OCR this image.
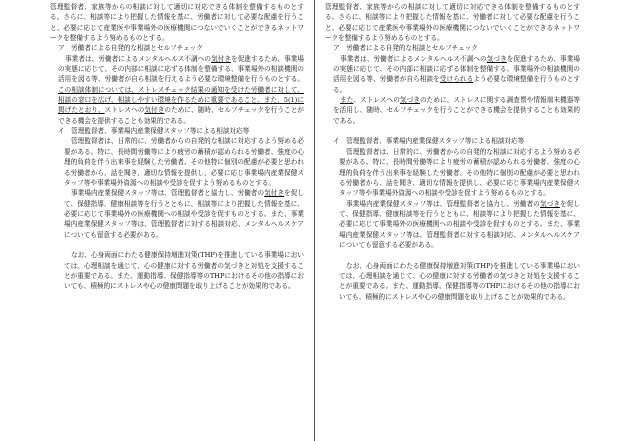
管理監督者、家族等からの相談に対して適切に対応できる体制を整備するものとする。さらに、相談等により把握した情報を基に、労働者に対して必要な配慮を行うこと、必要に応じて産業医や事業場外の医療機関につないでいくことができるネットワークを整備するよう努めるものとする。

ア　労働者による自発的な相談とセルフチェック

事業者は、労働者によるメンタルヘルス不調への気付きを促進するため、事業場の実態に応じて、その内部に相談に応ずる体制を整備する、事業場外の相談機関の活用を図る等、労働者が自ら相談を行えるよう必要な環境整備を行うものとする。この相談体制については、ストレスチェック結果の通知を受けた労働者に対して、相談の窓口を広げ、相談しやすい環境を作るために重要であること。また、5(1)に掲げたとおり、ストレスへの気付きのために、随時、セルフチェックを行うことができる機会を提供することも効果的である。

イ　管理監督者、事業場内産業保健スタッフ等による相談対応等

管理監督者は、日常的に、労働者からの自発的な相談に対応するよう努める必要がある。特に、長時間労働等により疲労の蓄積が認められる労働者、強度の心理的負荷を伴う出来事を経験した労働者、その他特に個別の配慮が必要と思われる労働者から、話を聞き、適切な情報を提供し、必要に応じ事業場内産業保健スタッフ等や事業場外資源への相談や受診を促すよう努めるものとする。

事業場内産業保健スタッフ等は、管理監督者と協力し、労働者の気付きを促して、保健指導、健康相談等を行うとともに、相談等により把握した情報を基に、必要に応じて事業場外の医療機関への相談や受診を促すものとする。また、事業場内産業保健スタッフ等は、管理監督者に対する相談対応、メンタルヘルスケアについても留意する必要がある。

なお、心身両面にわたる健康保持増進対策(THP)を推進している事業場においては、心理相談を通じて、心の健康に対する労働者の気づきと対処を支援することが重要である。また、運動指導、保健指導等のTHPにおけるその他の指導においても、積極的にストレスや心の健康問題を取り上げることが効果的である。

管理監督者、家族等からの相談に対して適切に対応できる体制を整備するものとする。さらに、相談等により把握した情報を基に、労働者に対して必要な配慮を行うこと、必要に応じて産業医や事業場外の医療機関につないでいくことができるネットワークを整備するよう努めるものとする。

ア　労働者による自発的な相談とセルフチェック

事業者は、労働者によるメンタルヘルス不調への気づきを促進するため、事業場の実態に応じて、その内部に相談に応ずる体制を整備する、事業場外の相談機関の活用を図る等、労働者が自ら相談を受けられるよう必要な環境整備を行うものとする。

また、ストレスへの気づきのために、ストレスに関する調査票や情報端末機器等を活用し、随時、セルフチェックを行うことができる機会を提供することも効果的である。

イ　管理監督者、事業場内産業保健スタッフ等による相談対応等

管理監督者は、日常的に、労働者からの自発的な相談に対応するよう努める必要がある。特に、長時間労働等により疲労の蓄積が認められる労働者、強度の心理的負荷を伴う出来事を経験した労働者、その他特に個別の配慮が必要と思われる労働者から、話を聞き、適切な情報を提供し、必要に応じ事業場内産業保健スタッフ等や事業場外資源への相談や受診を促すよう努めるものとする。

事業場内産業保健スタッフ等は、管理監督者と協力し、労働者の気づきを促して、保健指導、健康相談等を行うとともに、相談等により把握した情報を基に、必要に応じて事業場外の医療機関への相談や受診を促すものとする。また、事業場内産業保健スタッフ等は、管理監督者に対する相談対応、メンタルヘルスケアについても留意する必要がある。

なお、心身両面にわたる健康保持増進対策(THP)を推進している事業場においては、心理相談を通じて、心の健康に対する労働者の気づきと対処を支援することが重要である。また、運動指導、保健指導等のTHPにおけるその他の指導においても、積極的にストレスや心の健康問題を取り上げることが効果的である。
